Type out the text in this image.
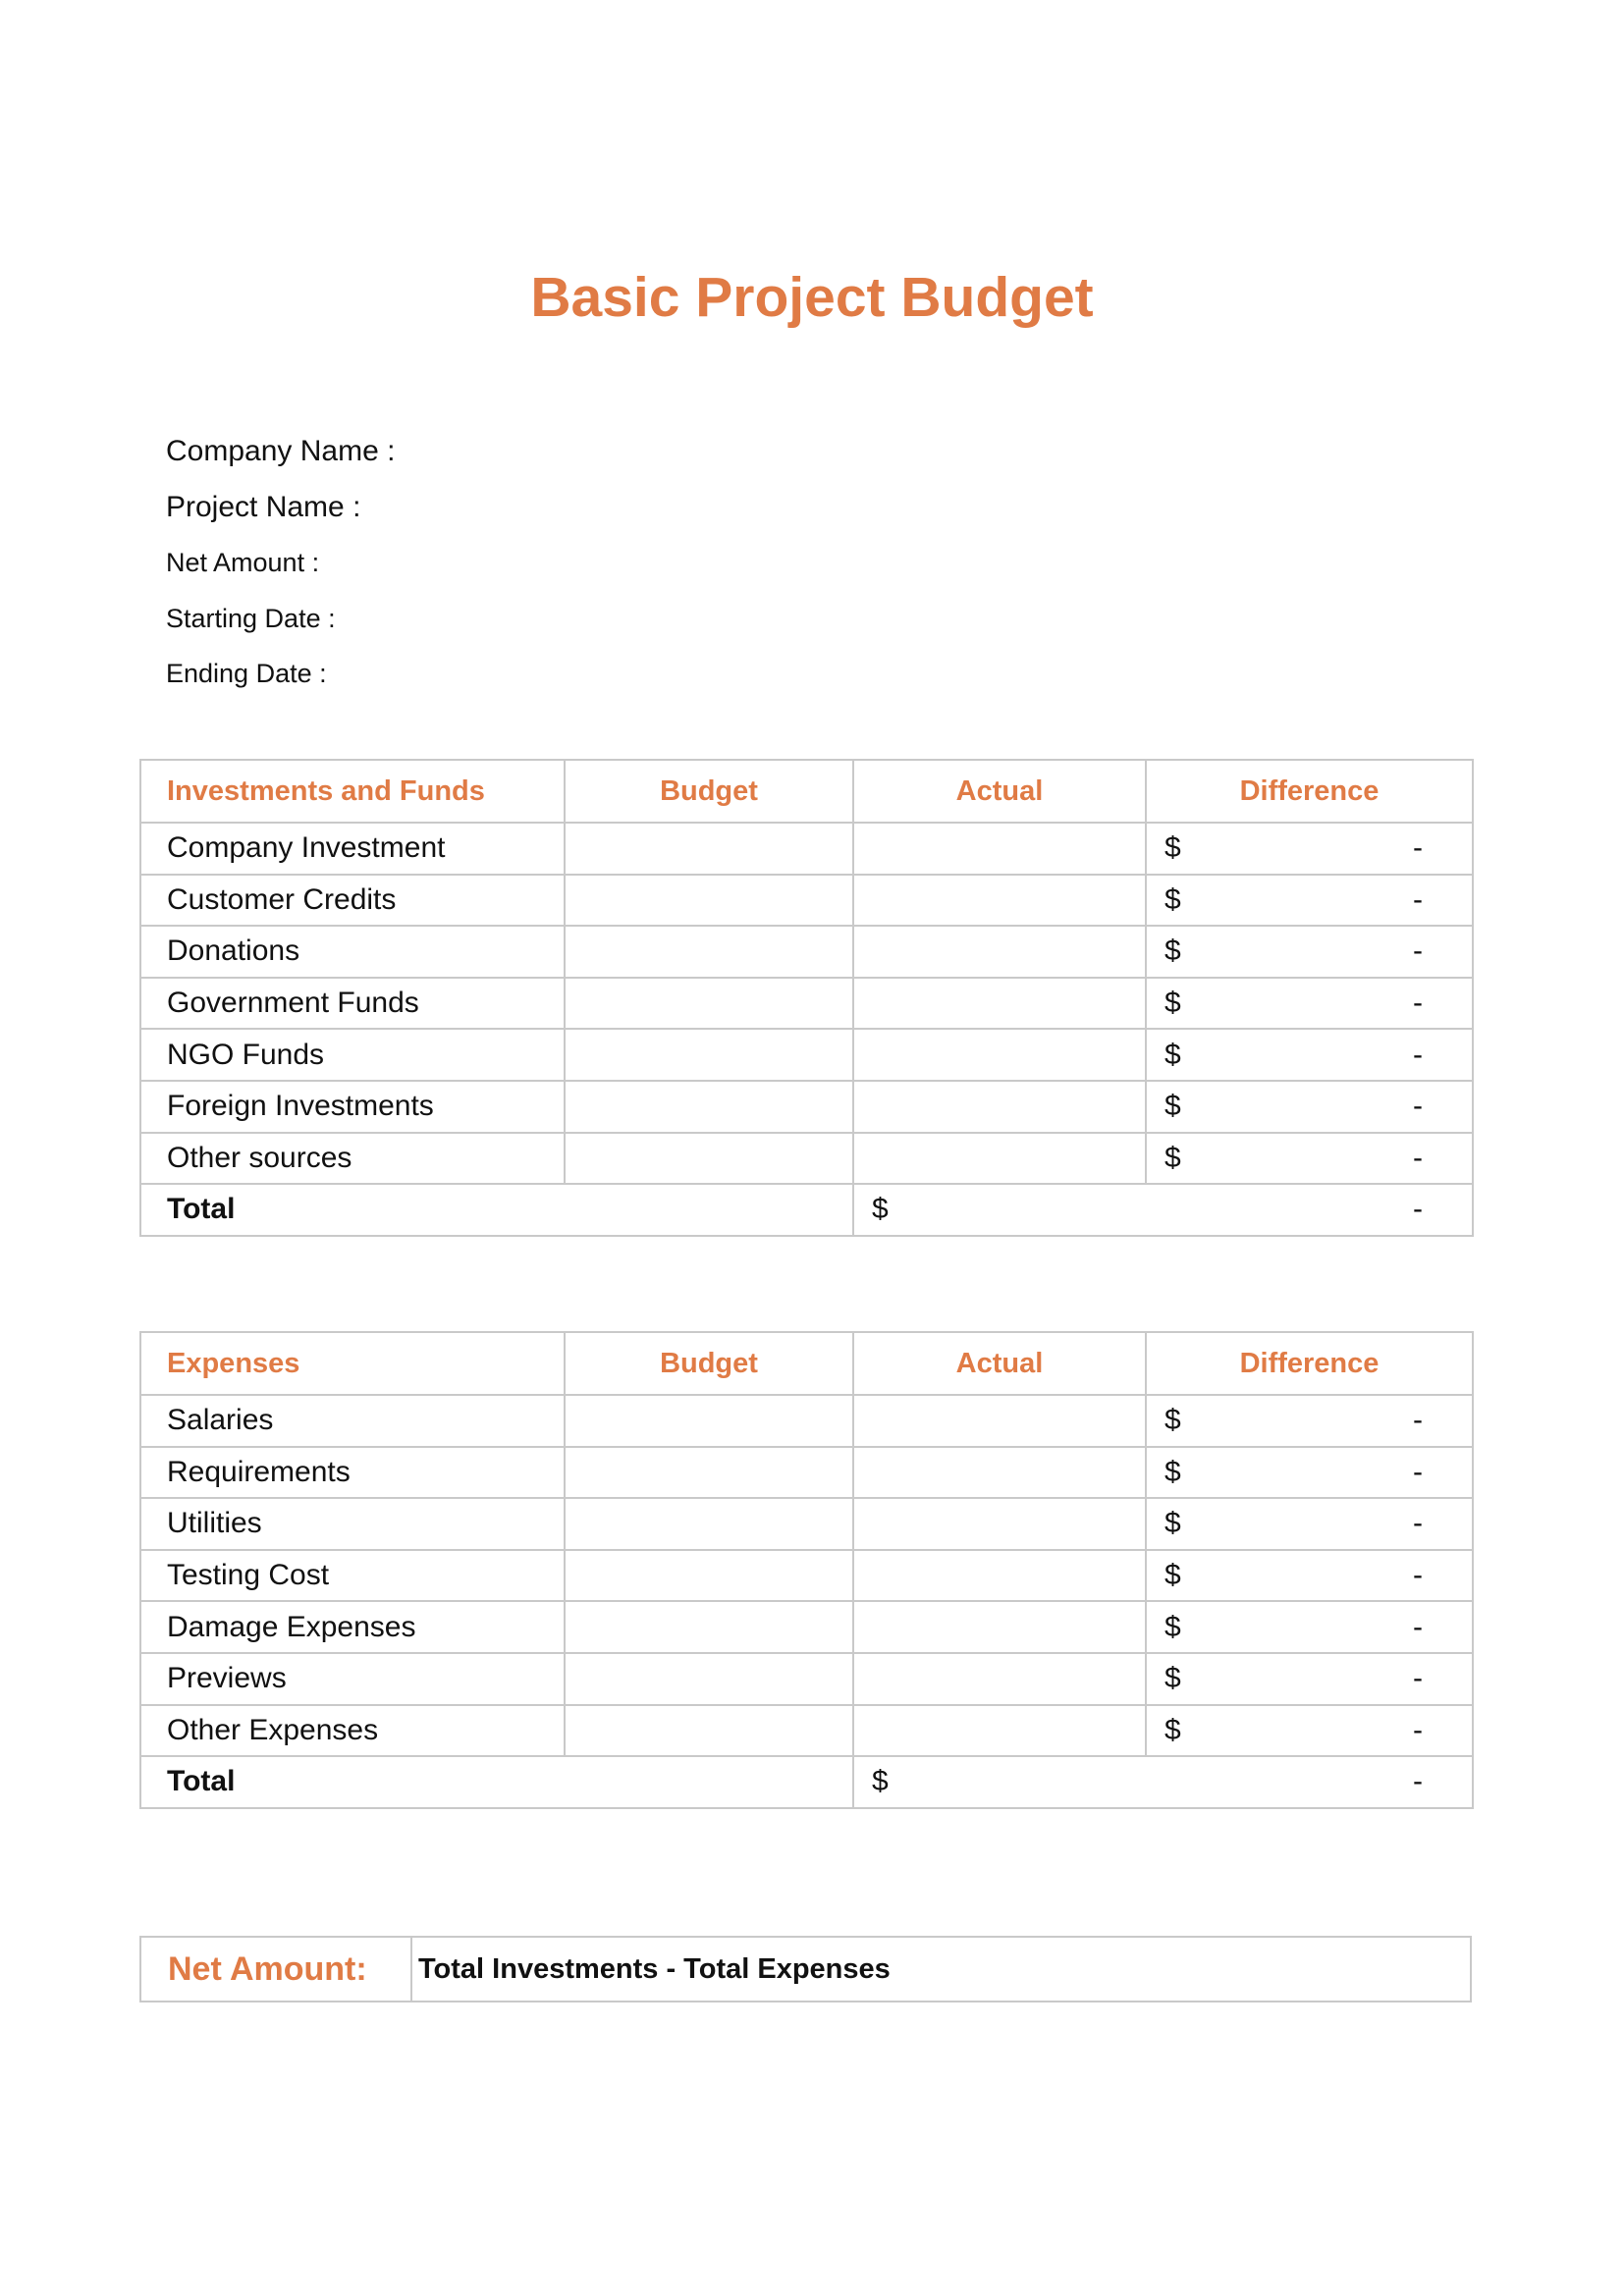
Basic Project Budget
Company Name :
Project Name :
Net Amount :
Starting Date :
Ending Date :
Investments and Funds	Budget	Actual	Difference
Company Investment			$ -

Customer Credits			$ -

Donations			$ -

Government Funds			$ -

NGO Funds			$ -

Foreign Investments			$ -

Other sources			$ -

Total		$ -	
Expenses	Budget	Actual	Difference
Salaries			$ -

Requirements			$ -

Utilities			$ -

Testing Cost			$ -

Damage Expenses			$ -

Previews			$ -

Other Expenses			$ -

Total		$ -	
Net Amount:	Total Investments - Total Expenses
